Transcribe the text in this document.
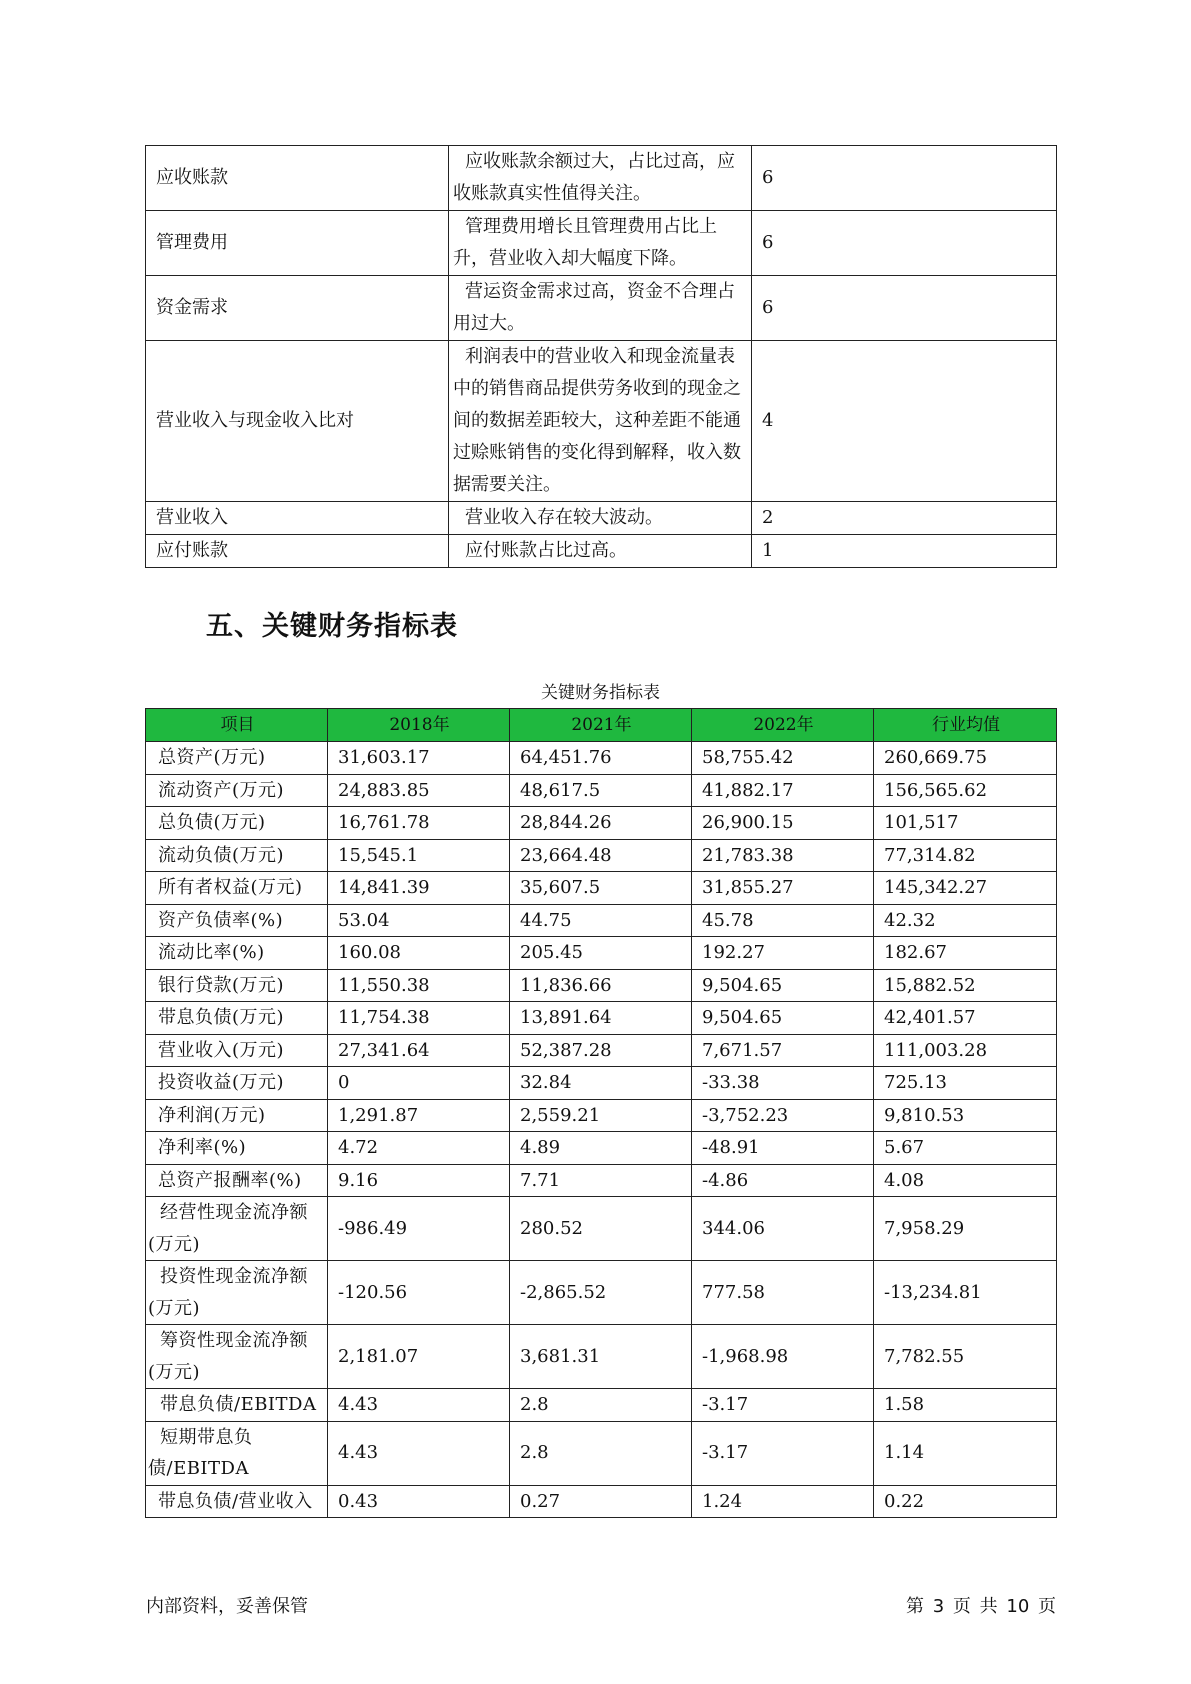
应收账款	应收账款余额过大，占比过高，应收账款真实性值得关注。	6
管理费用	管理费用增长且管理费用占比上升，营业收入却大幅度下降。	6
资金需求	营运资金需求过高，资金不合理占用过大。	6
营业收入与现金收入比对	利润表中的营业收入和现金流量表中的销售商品提供劳务收到的现金之间的数据差距较大，这种差距不能通过赊账销售的变化得到解释，收入数据需要关注。	4
营业收入	营业收入存在较大波动。	2
应付账款	应付账款占比过高。	1
五、关键财务指标表
关键财务指标表
项目	2018年	2021年	2022年	行业均值
总资产(万元)	31,603.17	64,451.76	58,755.42	260,669.75
流动资产(万元)	24,883.85	48,617.5	41,882.17	156,565.62
总负债(万元)	16,761.78	28,844.26	26,900.15	101,517
流动负债(万元)	15,545.1	23,664.48	21,783.38	77,314.82
所有者权益(万元)	14,841.39	35,607.5	31,855.27	145,342.27
资产负债率(%)	53.04	44.75	45.78	42.32
流动比率(%)	160.08	205.45	192.27	182.67
银行贷款(万元)	11,550.38	11,836.66	9,504.65	15,882.52
带息负债(万元)	11,754.38	13,891.64	9,504.65	42,401.57
营业收入(万元)	27,341.64	52,387.28	7,671.57	111,003.28
投资收益(万元)	0	32.84	-33.38	725.13
净利润(万元)	1,291.87	2,559.21	-3,752.23	9,810.53
净利率(%)	4.72	4.89	-48.91	5.67
总资产报酬率(%)	9.16	7.71	-4.86	4.08
经营性现金流净额(万元)	-986.49	280.52	344.06	7,958.29
投资性现金流净额(万元)	-120.56	-2,865.52	777.58	-13,234.81
筹资性现金流净额(万元)	2,181.07	3,681.31	-1,968.98	7,782.55
带息负债/EBITDA	4.43	2.8	-3.17	1.58
短期带息负债/EBITDA	4.43	2.8	-3.17	1.14
带息负债/营业收入	0.43	0.27	1.24	0.22
内部资料，妥善保管	第 3 页 共 10 页
